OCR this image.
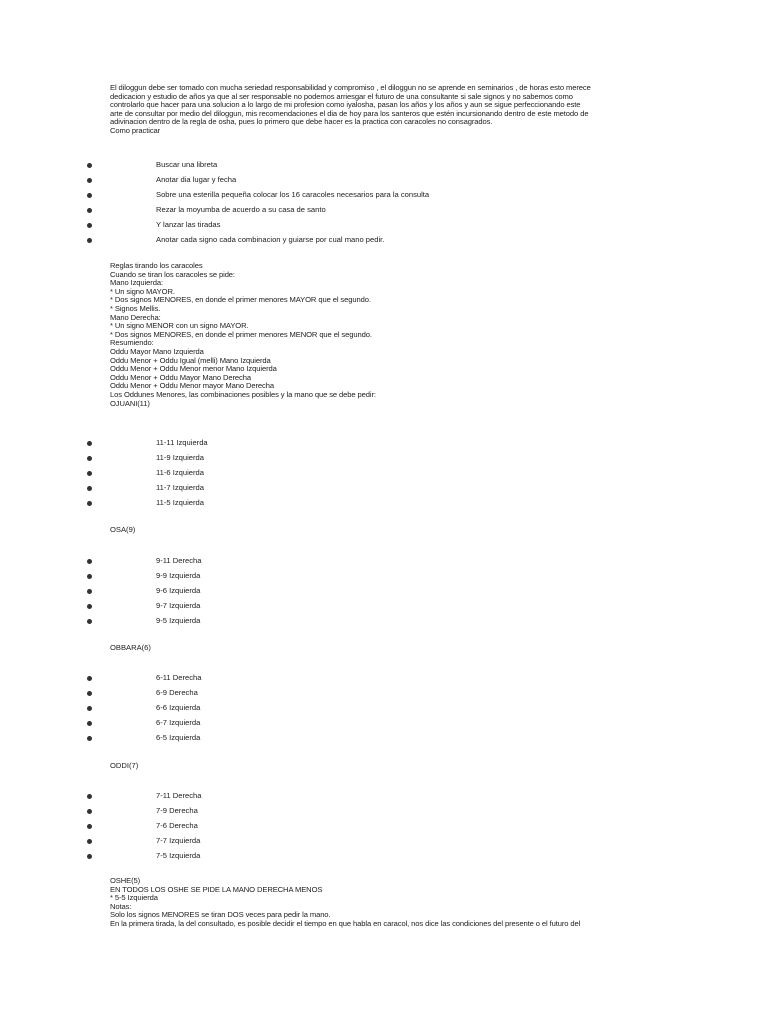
El diloggun debe ser tomado con mucha seriedad responsabilidad y compromiso , el diloggun no se aprende en seminarios , de horas esto merece
dedicacion y estudio de años ya que al ser responsable no podemos arriesgar el futuro de una consultante si sale signos y no sabemos como
controlarlo que hacer para una solucion a lo largo de mi profesion como iyalosha, pasan los años y los años y aun se sigue perfeccionando este
arte de consultar por medio del diloggun, mis recomendaciones el dia de hoy para los santeros que estén incursionando dentro de este metodo de
adivinacion dentro de la regla de osha, pues lo primero que debe hacer es la practica con caracoles no consagrados.
Como practicar
Buscar una libreta
Anotar dia lugar y fecha
Sobre una esterilla pequeña colocar los 16 caracoles necesarios para la consulta
Rezar la moyumba de acuerdo a su casa de santo
Y lanzar las tiradas
Anotar cada signo cada combinacion y guiarse por cual mano pedir.
Reglas tirando los caracoles
Cuando se tiran los caracoles se pide:
Mano Izquierda:
* Un signo MAYOR.
* Dos signos MENORES, en donde el primer menores MAYOR que el segundo.
* Signos Mellis.
Mano Derecha:
* Un signo MENOR con un signo MAYOR.
* Dos signos MENORES, en donde el primer menores MENOR que el segundo.
Resumiendo:
Oddu Mayor Mano Izquierda
Oddu Menor + Oddu Igual (melli) Mano Izquierda
Oddu Menor + Oddu Menor menor Mano Izquierda
Oddu Menor + Oddu Mayor Mano Derecha
Oddu Menor + Oddu Menor mayor Mano Derecha
Los Oddunes Menores, las combinaciones posibles y la mano que se debe pedir:
OJUANI(11)
11-11 Izquierda
11-9 Izquierda
11-6 Izquierda
11-7 Izquierda
11-5 Izquierda
OSA(9)
9-11 Derecha
9-9 Izquierda
9-6 Izquierda
9-7 Izquierda
9-5 Izquierda
OBBARA(6)
6-11 Derecha
6-9 Derecha
6-6 Izquierda
6-7 Izquierda
6-5 Izquierda
ODDI(7)
7-11 Derecha
7-9 Derecha
7-6 Derecha
7-7 Izquierda
7-5 Izquierda
OSHE(5)
EN TODOS LOS OSHE SE PIDE LA MANO DERECHA MENOS
* 5-5 Izquierda
Notas:
Solo los signos MENORES se tiran DOS veces para pedir la mano.
En la primera tirada, la del consultado, es posible decidir el tiempo en que habla en caracol, nos dice las condiciones del presente o el futuro del
